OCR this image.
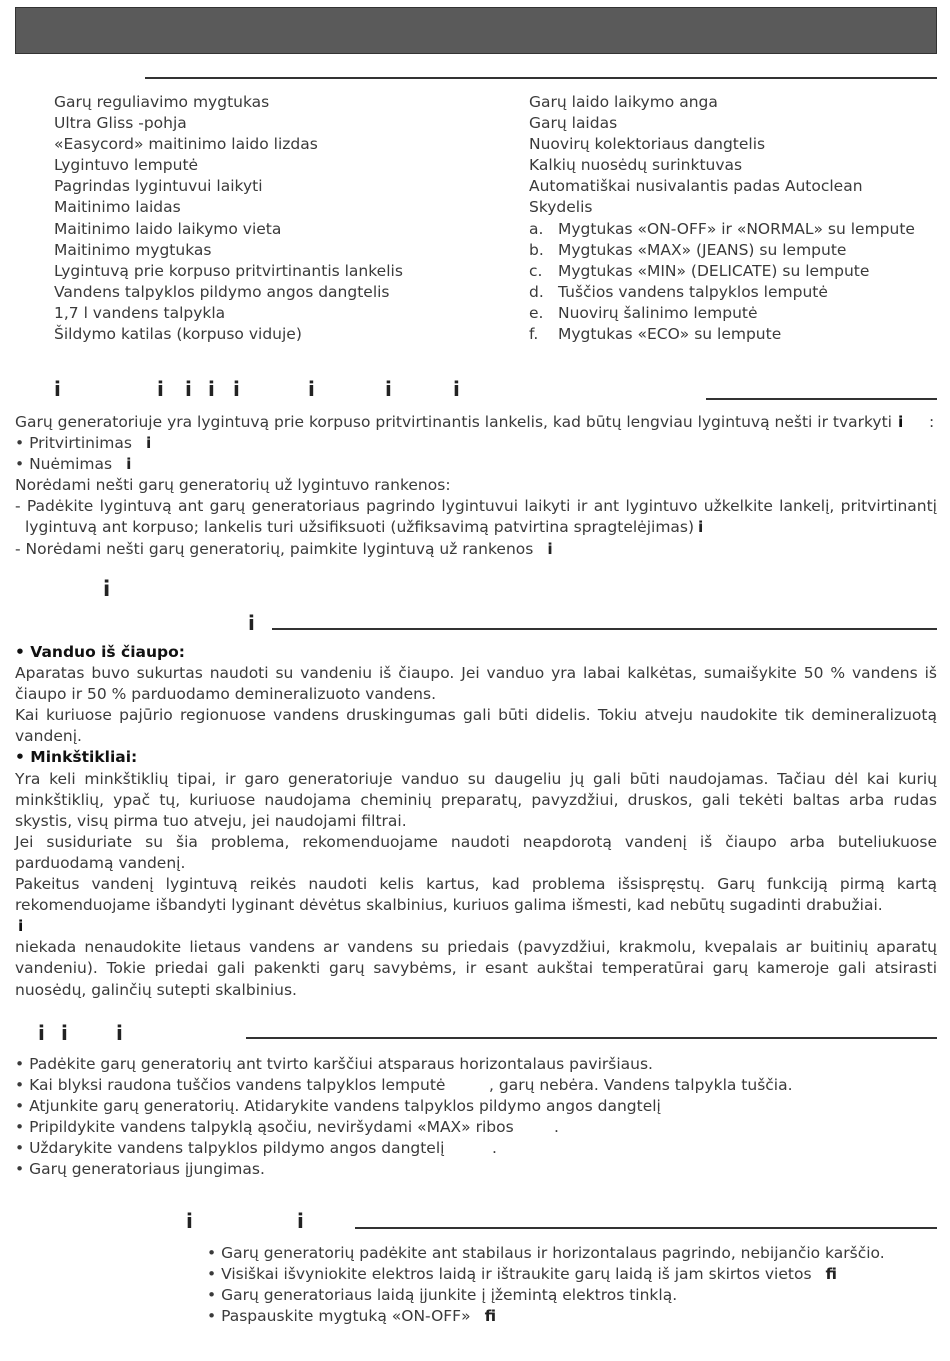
Garų reguliavimo mygtukas
Ultra Gliss -pohja
«Easycord» maitinimo laido lizdas
Lygintuvo lemputė
Pagrindas lygintuvui laikyti
Maitinimo laidas
Maitinimo laido laikymo vieta
Maitinimo mygtukas
Lygintuvą prie korpuso pritvirtinantis lankelis
Vandens talpyklos pildymo angos dangtelis
1,7 l vandens talpykla
Šildymo katilas (korpuso viduje)
Garų laido laikymo anga
Garų laidas
Nuovirų kolektoriaus dangtelis
Kalkių nuosėdų surinktuvas
Automatiškai nusivalantis padas Autoclean
Skydelis
a. Mygtukas «ON-OFF» ir «NORMAL» su lempute
b. Mygtukas «MAX» (JEANS) su lempute
c. Mygtukas «MIN» (DELICATE) su lempute
d. Tuščios vandens talpyklos lemputė
e. Nuovirų šalinimo lemputė
f. Mygtukas «ECO» su lempute
i	i i i i	i	i	i

Garų generatoriuje yra lygintuvą prie korpuso pritvirtinantis lankelis, kad būtų lengviau lygintuvą nešti ir tvarkyti i :

• Pritvirtinimas i

• Nuėmimas i

Norėdami nešti garų generatorių už lygintuvo rankenos:

- Padėkite lygintuvą ant garų generatoriaus pagrindo lygintuvui laikyti ir ant lygintuvo užkelkite lankelį, pritvirtinantį lygintuvą ant korpuso; lankelis turi užsifiksuoti (užfiksavimą patvirtina spragtelėjimas) i

- Norėdami nešti garų generatorių, paimkite lygintuvą už rankenos i

i
i

• Vanduo iš čiaupo:

Aparatas buvo sukurtas naudoti su vandeniu iš čiaupo. Jei vanduo yra labai kalkėtas, sumaišykite 50 % vandens iš čiaupo ir 50 % parduodamo demineralizuoto vandens.

Kai kuriuose pajūrio regionuose vandens druskingumas gali būti didelis. Tokiu atveju naudokite tik demineralizuotą vandenį.

• Minkštikliai:

Yra keli minkštiklių tipai, ir garo generatoriuje vanduo su daugeliu jų gali būti naudojamas. Tačiau dėl kai kurių minkštiklių, ypač tų, kuriuose naudojama cheminių preparatų, pavyzdžiui, druskos, gali tekėti baltas arba rudas skystis, visų pirma tuo atveju, jei naudojami filtrai.

Jei susiduriate su šia problema, rekomenduojame naudoti neapdorotą vandenį iš čiaupo arba buteliukuose parduodamą vandenį.

Pakeitus vandenį lygintuvą reikės naudoti kelis kartus, kad problema išsispręstų. Garų funkciją pirmą kartą rekomenduojame išbandyti lyginant dėvėtus skalbinius, kuriuos galima išmesti, kad nebūtų sugadinti drabužiai.

i

niekada nenaudokite lietaus vandens ar vandens su priedais (pavyzdžiui, krakmolu, kvepalais ar buitinių aparatų vandeniu). Tokie priedai gali pakenkti garų savybėms, ir esant aukštai temperatūrai garų kameroje gali atsirasti nuosėdų, galinčių sutepti skalbinius.

i i i
• Padėkite garų generatorių ant tvirto karščiui atsparaus horizontalaus paviršiaus.
• Kai blyksi raudona tuščios vandens talpyklos lemputė	, garų nebėra. Vandens talpykla tuščia.
• Atjunkite garų generatorių. Atidarykite vandens talpyklos pildymo angos dangtelį
• Pripildykite vandens talpyklą ąsočiu, neviršydami «MAX» ribos	.
• Uždarykite vandens talpyklos pildymo angos dangtelį	.
• Garų generatoriaus įjungimas.
i	i
• Garų generatorių padėkite ant stabilaus ir horizontalaus pagrindo, nebijančio karščio.
• Visiškai išvyniokite elektros laidą ir ištraukite garų laidą iš jam skirtos vietos fi
• Garų generatoriaus laidą įjunkite į įžemintą elektros tinklą.
• Paspauskite mygtuką «ON-OFF» fi
